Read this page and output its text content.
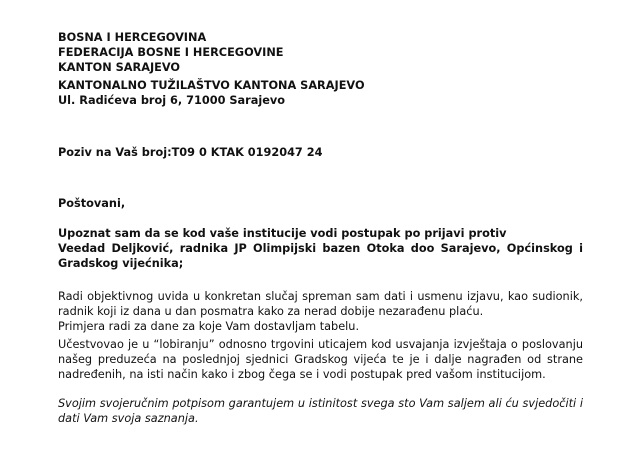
BOSNA I HERCEGOVINA
FEDERACIJA BOSNE I HERCEGOVINE
KANTON SARAJEVO
KANTONALNO TUŽILAŠTVO KANTONA SARAJEVO
Ul. Radićeva broj 6, 71000 Sarajevo
Poziv na Vaš broj:T09 0 KTAK 0192047 24
Poštovani,
Upoznat sam da se kod vaše institucije vodi postupak po prijavi protiv
Veedad Deljković, radnika JP Olimpijski bazen Otoka doo Sarajevo, Općinskog i
Gradskog vijećnika;
Radi objektivnog uvida u konkretan slučaj spreman sam dati i usmenu izjavu, kao sudionik,
radnik koji iz dana u dan posmatra kako za nerad dobije nezarađenu plaću.
Primjera radi za dane za koje Vam dostavljam tabelu.
Učestvovao je u “lobiranju” odnosno trgovini uticajem kod usvajanja izvještaja o poslovanju
našeg preduzeća na poslednjoj sjednici Gradskog vijeća te je i dalje nagrađen od strane
nadređenih, na isti način kako i zbog čega se i vodi postupak pred vašom institucijom.
Svojim svojeručnim potpisom garantujem u istinitost svega sto Vam saljem ali ću svjedočiti i
dati Vam svoja saznanja.
